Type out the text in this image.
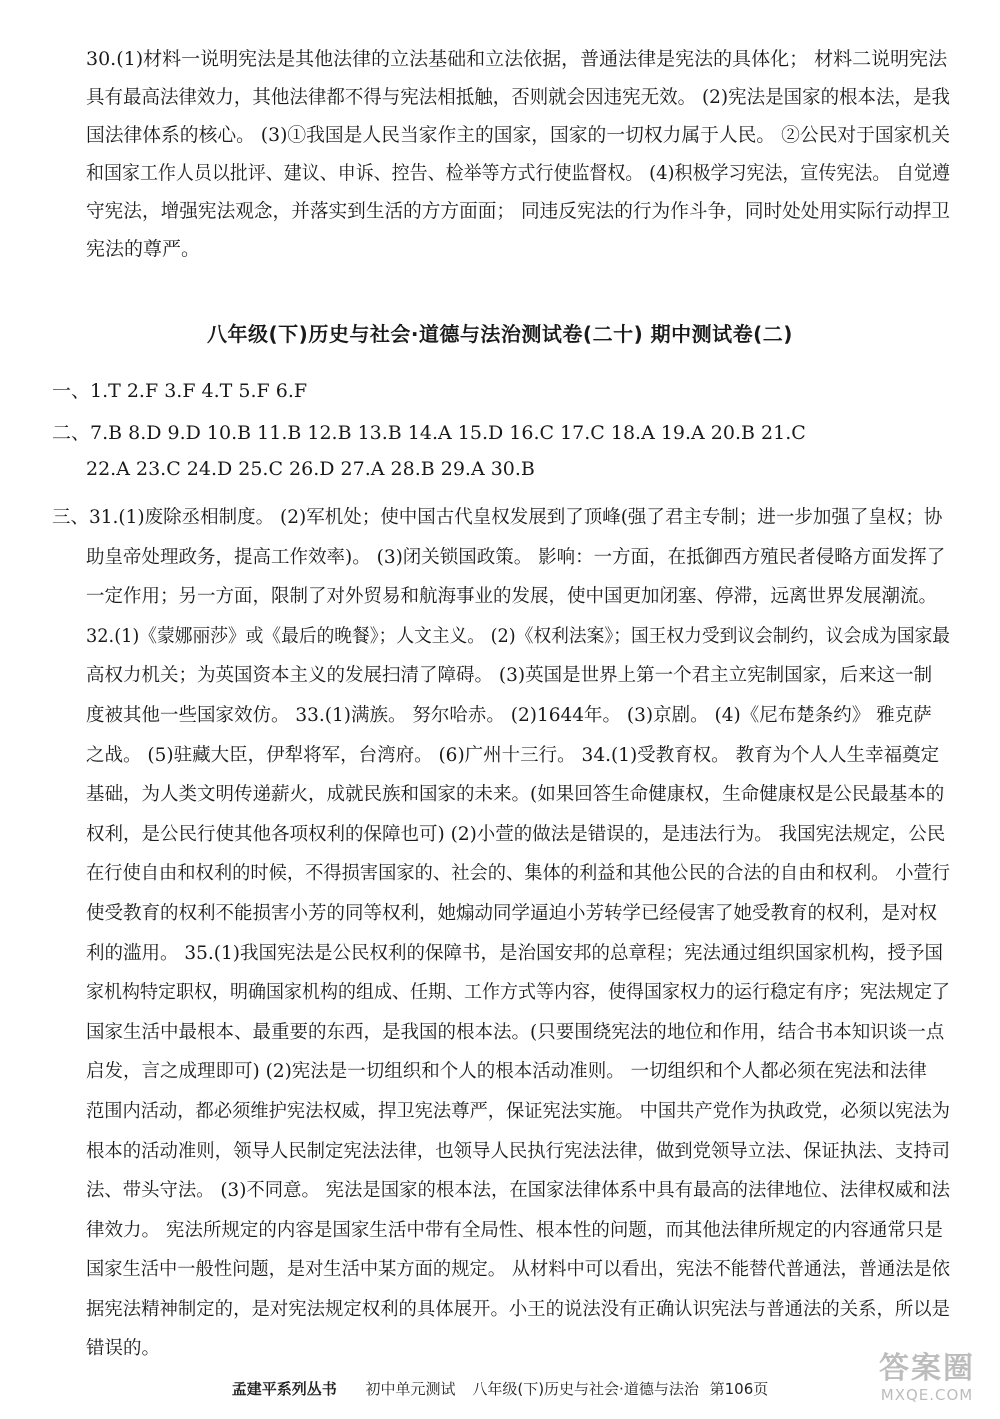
30.(1)材料一说明宪法是其他法律的立法基础和立法依据，普通法律是宪法的具体化； 材料二说明宪法
具有最高法律效力，其他法律都不得与宪法相抵触，否则就会因违宪无效。 (2)宪法是国家的根本法，是我
国法律体系的核心。 (3)①我国是人民当家作主的国家，国家的一切权力属于人民。 ②公民对于国家机关
和国家工作人员以批评、建议、申诉、控告、检举等方式行使监督权。 (4)积极学习宪法，宣传宪法。 自觉遵
守宪法，增强宪法观念，并落实到生活的方方面面； 同违反宪法的行为作斗争，同时处处用实际行动捍卫
宪法的尊严。
八年级(下)历史与社会·道德与法治测试卷(二十) 期中测试卷(二)
一、1.T 2.F 3.F 4.T 5.F 6.F
二、7.B 8.D 9.D 10.B 11.B 12.B 13.B 14.A 15.D 16.C 17.C 18.A 19.A 20.B 21.C
22.A 23.C 24.D 25.C 26.D 27.A 28.B 29.A 30.B
三、31.(1)废除丞相制度。 (2)军机处；使中国古代皇权发展到了顶峰(强了君主专制；进一步加强了皇权；协
助皇帝处理政务，提高工作效率)。 (3)闭关锁国政策。 影响：一方面，在抵御西方殖民者侵略方面发挥了
一定作用；另一方面，限制了对外贸易和航海事业的发展，使中国更加闭塞、停滞，远离世界发展潮流。
32.(1)《蒙娜丽莎》或《最后的晚餐》；人文主义。 (2)《权利法案》；国王权力受到议会制约，议会成为国家最
高权力机关；为英国资本主义的发展扫清了障碍。 (3)英国是世界上第一个君主立宪制国家，后来这一制
度被其他一些国家效仿。 33.(1)满族。 努尔哈赤。 (2)1644年。 (3)京剧。 (4)《尼布楚条约》 雅克萨
之战。 (5)驻藏大臣，伊犁将军，台湾府。 (6)广州十三行。 34.(1)受教育权。 教育为个人人生幸福奠定
基础，为人类文明传递薪火，成就民族和国家的未来。(如果回答生命健康权，生命健康权是公民最基本的
权利，是公民行使其他各项权利的保障也可) (2)小萱的做法是错误的，是违法行为。 我国宪法规定，公民
在行使自由和权利的时候，不得损害国家的、社会的、集体的利益和其他公民的合法的自由和权利。 小萱行
使受教育的权利不能损害小芳的同等权利，她煽动同学逼迫小芳转学已经侵害了她受教育的权利，是对权
利的滥用。 35.(1)我国宪法是公民权利的保障书，是治国安邦的总章程；宪法通过组织国家机构，授予国
家机构特定职权，明确国家机构的组成、任期、工作方式等内容，使得国家权力的运行稳定有序；宪法规定了
国家生活中最根本、最重要的东西，是我国的根本法。(只要围绕宪法的地位和作用，结合书本知识谈一点
启发，言之成理即可) (2)宪法是一切组织和个人的根本活动准则。 一切组织和个人都必须在宪法和法律
范围内活动，都必须维护宪法权威，捍卫宪法尊严，保证宪法实施。 中国共产党作为执政党，必须以宪法为
根本的活动准则，领导人民制定宪法法律，也领导人民执行宪法法律，做到党领导立法、保证执法、支持司
法、带头守法。 (3)不同意。 宪法是国家的根本法，在国家法律体系中具有最高的法律地位、法律权威和法
律效力。 宪法所规定的内容是国家生活中带有全局性、根本性的问题，而其他法律所规定的内容通常只是
国家生活中一般性问题，是对生活中某方面的规定。 从材料中可以看出，宪法不能替代普通法，普通法是依
据宪法精神制定的，是对宪法规定权利的具体展开。小王的说法没有正确认识宪法与普通法的关系，所以是
错误的。
孟建平系列丛书 初中单元测试 八年级(下)历史与社会·道德与法治 第106页
答案圈
MXQE.COM
